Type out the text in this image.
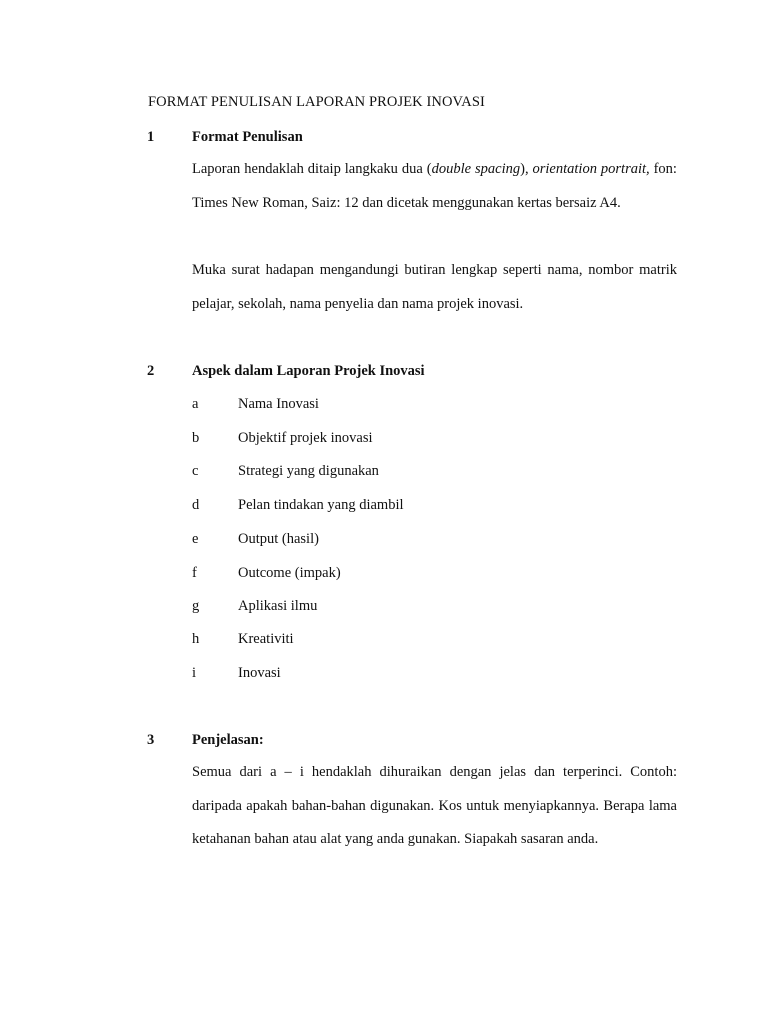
FORMAT PENULISAN LAPORAN PROJEK INOVASI
1	Format Penulisan
Laporan hendaklah ditaip langkaku dua (double spacing), orientation portrait, fon: Times New Roman, Saiz: 12 dan dicetak menggunakan kertas bersaiz A4.
Muka surat hadapan mengandungi butiran lengkap seperti nama, nombor matrik pelajar, sekolah, nama penyelia dan nama projek inovasi.
2	Aspek dalam Laporan Projek Inovasi
a	Nama Inovasi
b	Objektif projek inovasi
c	Strategi yang digunakan
d	Pelan tindakan yang diambil
e	Output (hasil)
f	Outcome (impak)
g	Aplikasi ilmu
h	Kreativiti
i	Inovasi
3	Penjelasan:
Semua dari a – i hendaklah dihuraikan dengan jelas dan terperinci. Contoh: daripada apakah bahan-bahan digunakan. Kos untuk menyiapkannya. Berapa lama ketahanan bahan atau alat yang anda gunakan. Siapakah sasaran anda.
